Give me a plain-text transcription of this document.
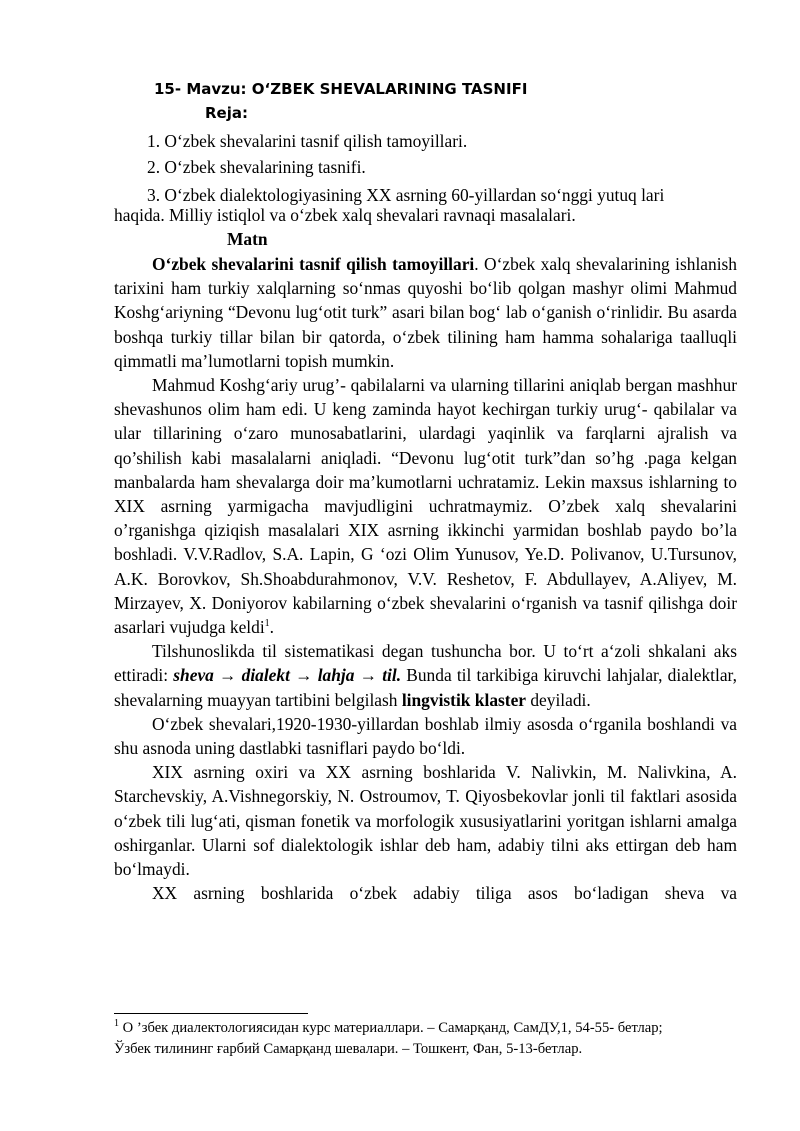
15- Mavzu: O‘ZBEK SHEVALARINING TASNIFI
Reja:
1. O‘zbek shevalarini tasnif qilish tamoyillari.
2. O‘zbek shevalarining tasnifi.
3. O‘zbek dialektologiyasining XX asrning 60-yillardan so‘nggi yutuq lari
haqida. Milliy istiqlol va o‘zbek xalq shevalari ravnaqi masalalari.
Matn

O‘zbek shevalarini tasnif qilish tamoyillari. O‘zbek xalq shevalarining ishlanish tarixini ham turkiy xalqlarning so‘nmas quyoshi bo‘lib qolgan mashyr olimi Mahmud Koshg‘ariyning “Devonu lug‘otit turk” asari bilan bog‘ lab o‘ganish o‘rinlidir. Bu asarda boshqa turkiy tillar bilan bir qatorda, o‘zbek tilining ham hamma sohalariga taalluqli qimmatli ma’lumotlarni topish mumkin.

Mahmud Koshg‘ariy urug’- qabilalarni va ularning tillarini aniqlab bergan mashhur shevashunos olim ham edi. U keng zaminda hayot kechirgan turkiy urug‘- qabilalar va ular tillarining o‘zaro munosabatlarini, ulardagi yaqinlik va farqlarni ajralish va qo’shilish kabi masalalarni aniqladi. “Devonu lug‘otit turk”dan so’hg .paga kelgan manbalarda ham shevalarga doir ma’kumotlarni uchratamiz. Lekin maxsus ishlarning to XIX asrning yarmigacha mavjudligini uchratmaymiz. O’zbek xalq shevalarini o’rganishga qiziqish masalalari XIX asrning ikkinchi yarmidan boshlab paydo bo’la boshladi. V.V.Radlov, S.A. Lapin, G ‘ozi Olim Yunusov, Ye.D. Polivanov, U.Tursunov, A.K. Borovkov, Sh.Shoabdurahmonov, V.V. Reshetov, F. Abdullayev, A.Aliyev, M. Mirzayev, X. Doniyorov kabilarning o‘zbek shevalarini o‘rganish va tasnif qilishga doir asarlari vujudga keldi$^1$.

Tilshunoslikda til sistematikasi degan tushuncha bor. U to‘rt a‘zoli shkalani aks ettiradi: sheva → dialekt → lahja → til. Bunda til tarkibiga kiruvchi lahjalar, dialektlar, shevalarning muayyan tartibini belgilash lingvistik klaster deyiladi.

O‘zbek shevalari,1920-1930-yillardan boshlab ilmiy asosda o‘rganila boshlandi va shu asnoda uning dastlabki tasniflari paydo bo‘ldi.

XIX asrning oxiri va XX asrning boshlarida V. Nalivkin, M. Nalivkina, A. Starchevskiy, A.Vishnegorskiy, N. Ostroumov, T. Qiyosbekovlar jonli til faktlari asosida o‘zbek tili lug‘ati, qisman fonetik va morfologik xususiyatlarini yoritgan ishlarni amalga oshirganlar. Ularni sof dialektologik ishlar deb ham, adabiy tilni aks ettirgan deb ham bo‘lmaydi.

XX asrning boshlarida o‘zbek adabiy tiliga asos bo‘ladigan sheva va

$^1$ О ’збек диалектологиясидан курс материаллари. – Самарқанд, СамДУ,1, 54-55- бетлар;
Ўзбек тилининг ғарбий Самарқанд шевалари. – Тошкент, Фан, 5-13-бетлар.
